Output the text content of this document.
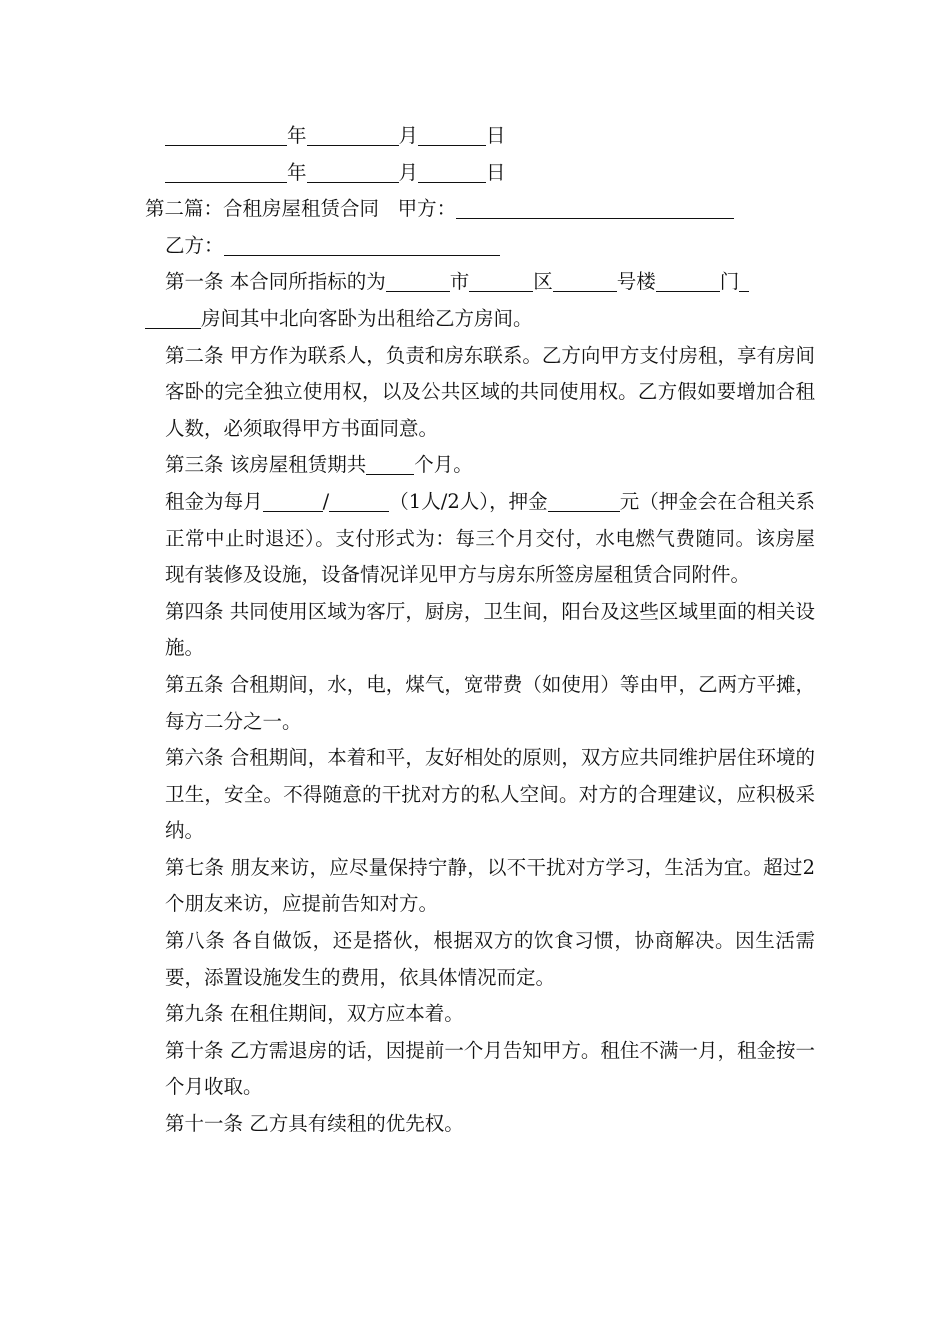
年	月	日
年	月	日
第二篇：合租房屋租赁合同 甲方：
乙方：
第一条 本合同所指标的为	市	区	号楼	门
房间其中北向客卧为出租给乙方房间。
第二条 甲方作为联系人，负责和房东联系。乙方向甲方支付房租，享有房间客卧的完全独立使用权，以及公共区域的共同使用权。乙方假如要增加合租人数，必须取得甲方书面同意。
第三条 该房屋租赁期共 个月。
租金为每月	/	（1人/2人），押金	元（押金会在合租关系正常中止时退还）。支付形式为：每三个月交付，水电燃气费随同。该房屋现有装修及设施，设备情况详见甲方与房东所签房屋租赁合同附件。
第四条 共同使用区域为客厅，厨房，卫生间，阳台及这些区域里面的相关设施。
第五条 合租期间，水，电，煤气，宽带费（如使用）等由甲，乙两方平摊，每方二分之一。
第六条 合租期间，本着和平，友好相处的原则，双方应共同维护居住环境的卫生，安全。不得随意的干扰对方的私人空间。对方的合理建议，应积极采纳。
第七条 朋友来访，应尽量保持宁静，以不干扰对方学习，生活为宜。超过2个朋友来访，应提前告知对方。
第八条 各自做饭，还是搭伙，根据双方的饮食习惯，协商解决。因生活需要，添置设施发生的费用，依具体情况而定。
第九条 在租住期间，双方应本着。
第十条 乙方需退房的话，因提前一个月告知甲方。租住不满一月，租金按一个月收取。
第十一条 乙方具有续租的优先权。
